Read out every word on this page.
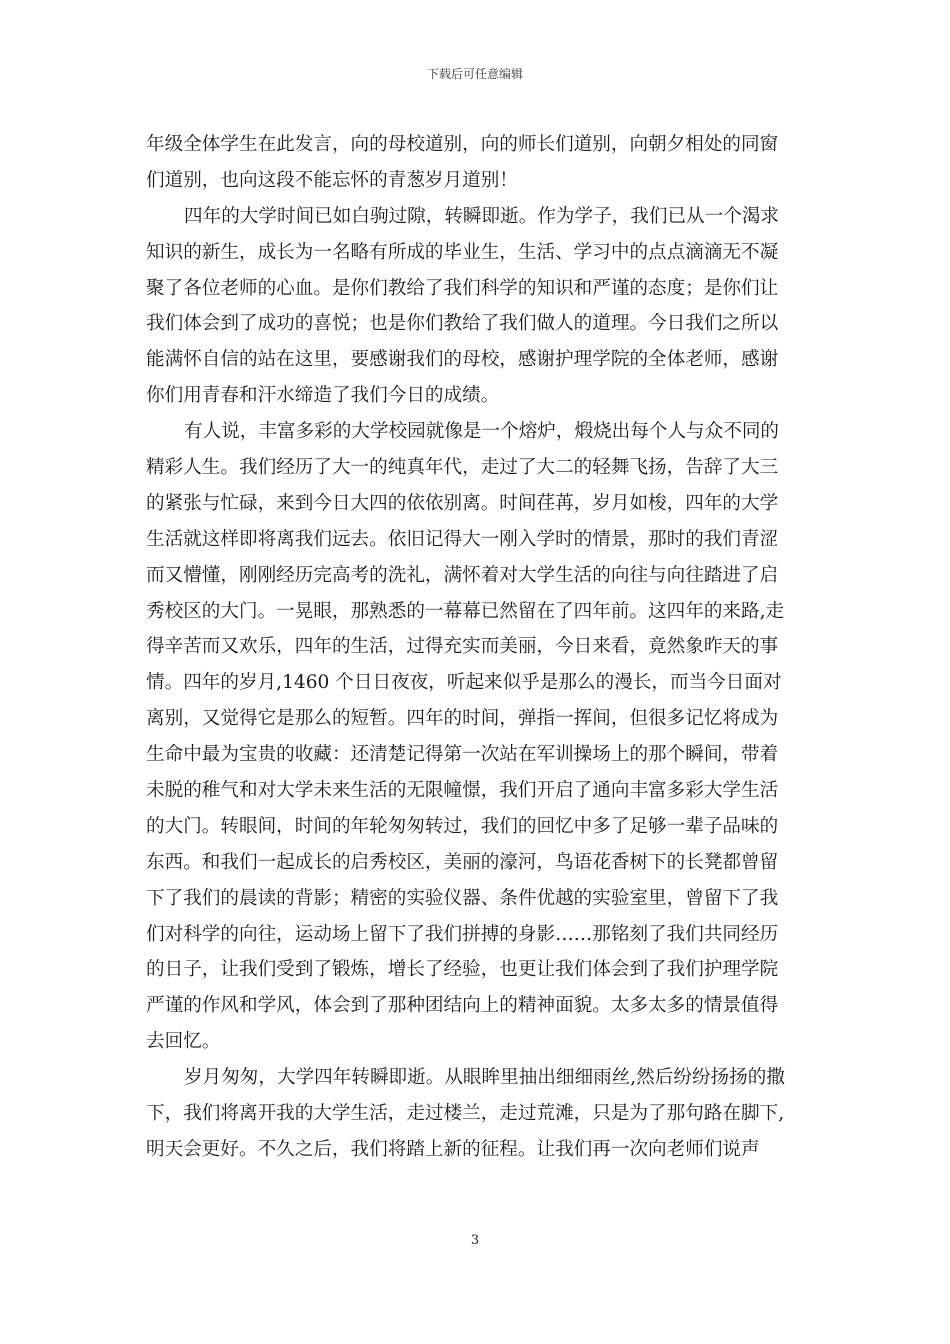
下载后可任意编辑

年级全体学生在此发言，向的母校道别，向的师长们道别，向朝夕相处的同窗
们道别，也向这段不能忘怀的青葱岁月道别！

四年的大学时间已如白驹过隙，转瞬即逝。作为学子，我们已从一个渴求
知识的新生，成长为一名略有所成的毕业生，生活、学习中的点点滴滴无不凝
聚了各位老师的心血。是你们教给了我们科学的知识和严谨的态度；是你们让
我们体会到了成功的喜悦；也是你们教给了我们做人的道理。今日我们之所以
能满怀自信的站在这里，要感谢我们的母校，感谢护理学院的全体老师，感谢
你们用青春和汗水缔造了我们今日的成绩。

有人说，丰富多彩的大学校园就像是一个熔炉，煅烧出每个人与众不同的
精彩人生。我们经历了大一的纯真年代，走过了大二的轻舞飞扬，告辞了大三
的紧张与忙碌，来到今日大四的依依别离。时间荏苒，岁月如梭，四年的大学
生活就这样即将离我们远去。依旧记得大一刚入学时的情景，那时的我们青涩
而又懵懂，刚刚经历完高考的洗礼，满怀着对大学生活的向往与向往踏进了启
秀校区的大门。一晃眼，那熟悉的一幕幕已然留在了四年前。这四年的来路,走
得辛苦而又欢乐，四年的生活，过得充实而美丽，今日来看，竟然象昨天的事
情。四年的岁月,1460 个日日夜夜，听起来似乎是那么的漫长，而当今日面对
离别，又觉得它是那么的短暂。四年的时间，弹指一挥间，但很多记忆将成为
生命中最为宝贵的收藏：还清楚记得第一次站在军训操场上的那个瞬间，带着
未脱的稚气和对大学未来生活的无限幢憬，我们开启了通向丰富多彩大学生活
的大门。转眼间，时间的年轮匆匆转过，我们的回忆中多了足够一辈子品味的
东西。和我们一起成长的启秀校区，美丽的濠河，鸟语花香树下的长凳都曾留
下了我们的晨读的背影；精密的实验仪器、条件优越的实验室里，曾留下了我
们对科学的向往，运动场上留下了我们拼搏的身影……那铭刻了我们共同经历
的日子，让我们受到了锻炼，增长了经验，也更让我们体会到了我们护理学院
严谨的作风和学风，体会到了那种团结向上的精神面貌。太多太多的情景值得
去回忆。

岁月匆匆，大学四年转瞬即逝。从眼眸里抽出细细雨丝,然后纷纷扬扬的撒
下，我们将离开我的大学生活，走过楼兰，走过荒滩，只是为了那句路在脚下,
明天会更好。不久之后，我们将踏上新的征程。让我们再一次向老师们说声

3
